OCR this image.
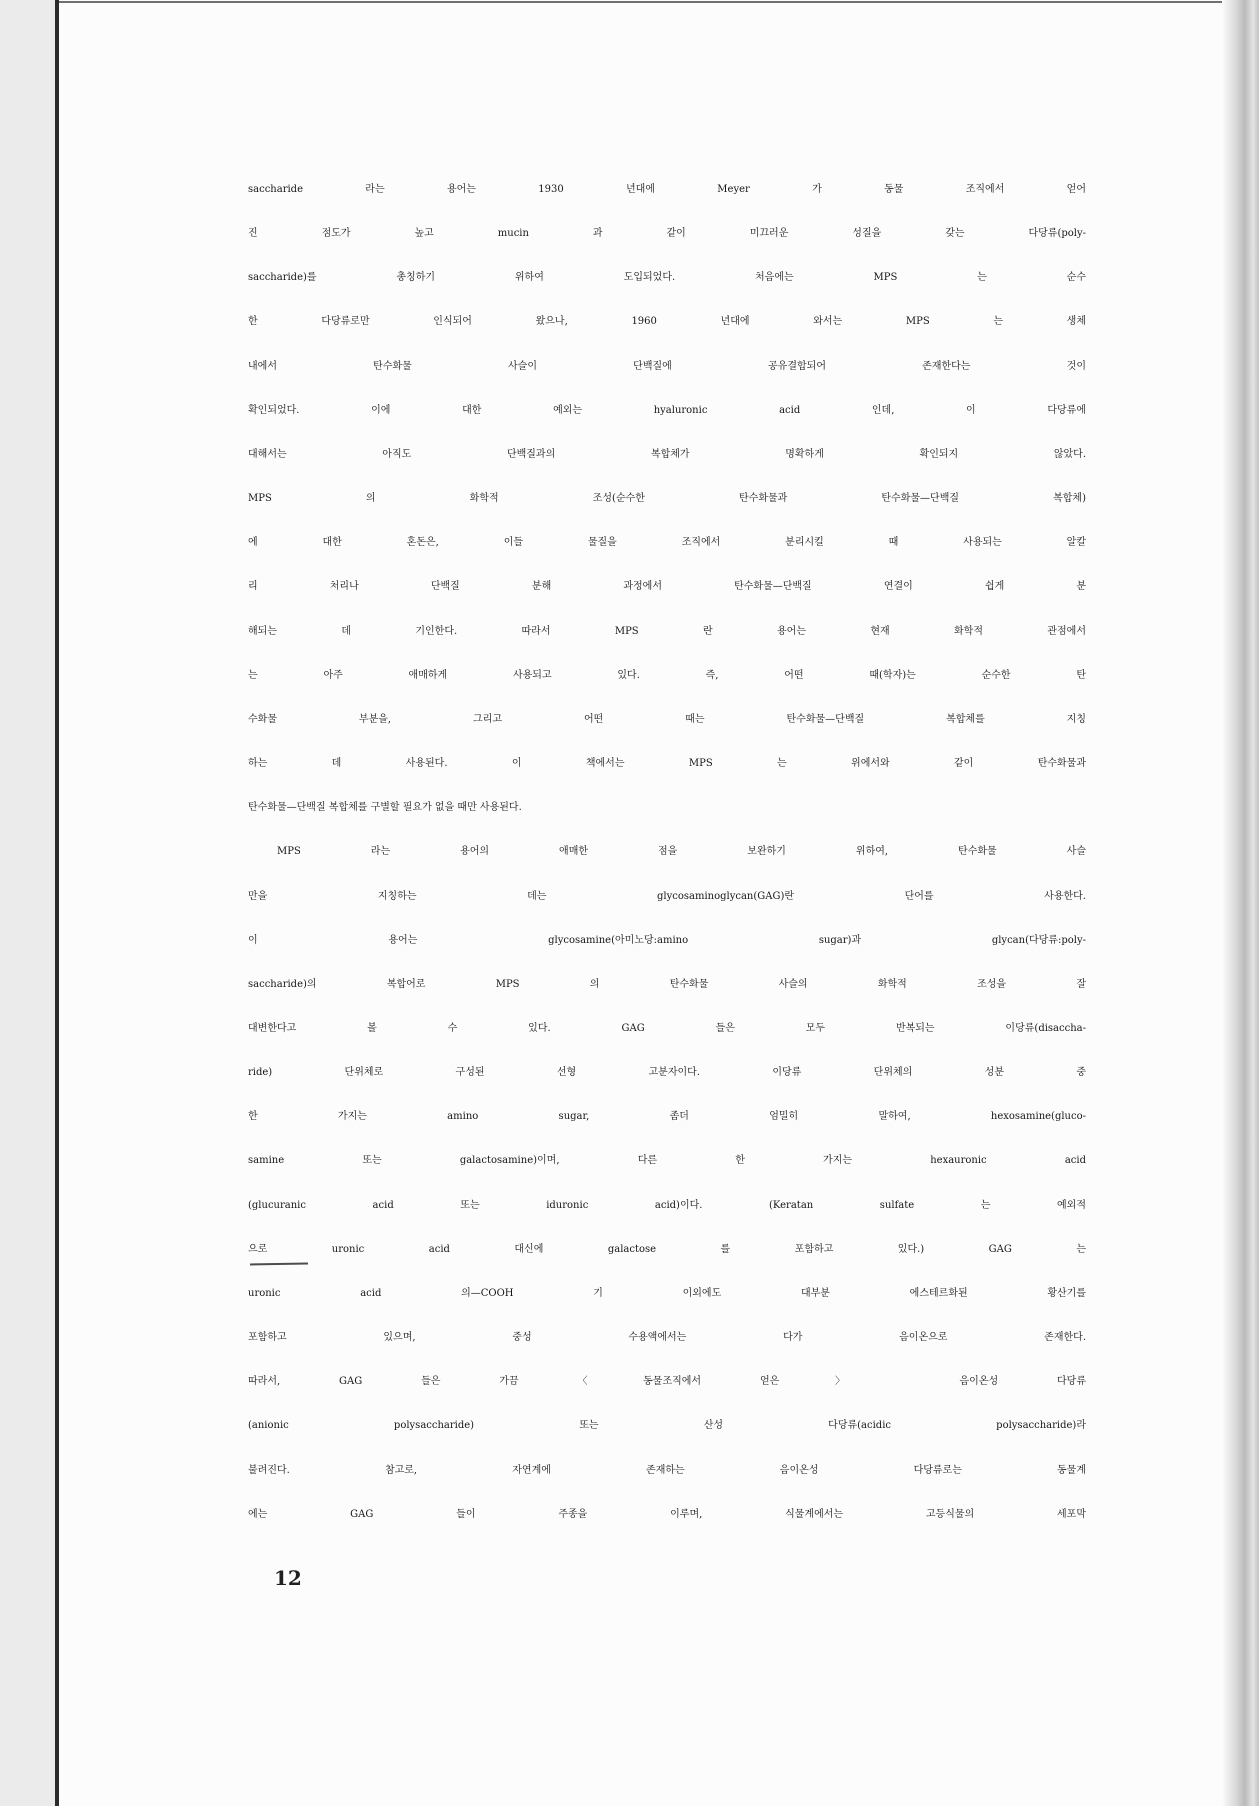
saccharide 라는 용어는 1930 년대에 Meyer 가 동물 조직에서 얻어
진 점도가 높고 mucin 과 같이 미끄러운 성질을 갖는 다당류(poly-
saccharide)를 총칭하기 위하여 도입되었다. 처음에는 MPS 는 순수
한 다당류로만 인식되어 왔으나, 1960 년대에 와서는 MPS 는 생체
내에서 탄수화물 사슬이 단백질에 공유결합되어 존재한다는 것이
확인되었다. 이에 대한 예외는 hyaluronic acid 인데, 이 다당류에
대해서는 아직도 단백질과의 복합체가 명확하게 확인되지 않았다.
MPS 의 화학적 조성(순수한 탄수화물과 탄수화물—단백질 복합체)
에 대한 혼돈은, 이들 물질을 조직에서 분리시킬 때 사용되는 알칼
리 처리나 단백질 분해 과정에서 탄수화물—단백질 연결이 쉽게 분
해되는 데 기인한다. 따라서 MPS 란 용어는 현재 화학적 관점에서
는 아주 애매하게 사용되고 있다. 즉, 어떤 때(학자)는 순수한 탄
수화물 부분을, 그리고 어떤 때는 탄수화물—단백질 복합체를 지칭
하는 데 사용된다. 이 책에서는 MPS 는 위에서와 같이 탄수화물과
탄수화물—단백질 복합체를 구별할 필요가 없을 때만 사용된다.
MPS 라는 용어의 애매한 점을 보완하기 위하여, 탄수화물 사슬
만을 지칭하는 데는 glycosaminoglycan(GAG)란 단어를 사용한다.
이 용어는 glycosamine(아미노당:amino sugar)과 glycan(다당류:poly-
saccharide)의 복합어로 MPS 의 탄수화물 사슬의 화학적 조성을 잘
대변한다고 볼 수 있다. GAG 들은 모두 반복되는 이당류(disaccha-
ride) 단위체로 구성된 선형 고분자이다. 이당류 단위체의 성분 중
한 가지는 amino sugar, 좀더 엄밀히 말하여, hexosamine(gluco-
samine 또는 galactosamine)이며, 다른 한 가지는 hexauronic acid
(glucuranic acid 또는 iduronic acid)이다. (Keratan sulfate 는 예외적
으로 uronic acid 대신에 galactose 를 포함하고 있다.) GAG 는
uronic acid 의—COOH 기 이외에도 대부분 에스테르화된 황산기를
포함하고 있으며, 중성 수용액에서는 다가 음이온으로 존재한다.
따라서, GAG 들은 가끔 〈동물조직에서 얻은〉 음이온성 다당류
(anionic polysaccharide) 또는 산성 다당류(acidic polysaccharide)라
불려진다. 참고로, 자연계에 존재하는 음이온성 다당류로는 동물계
에는 GAG 들이 주종을 이루며, 식물계에서는 고등식물의 세포막
12
